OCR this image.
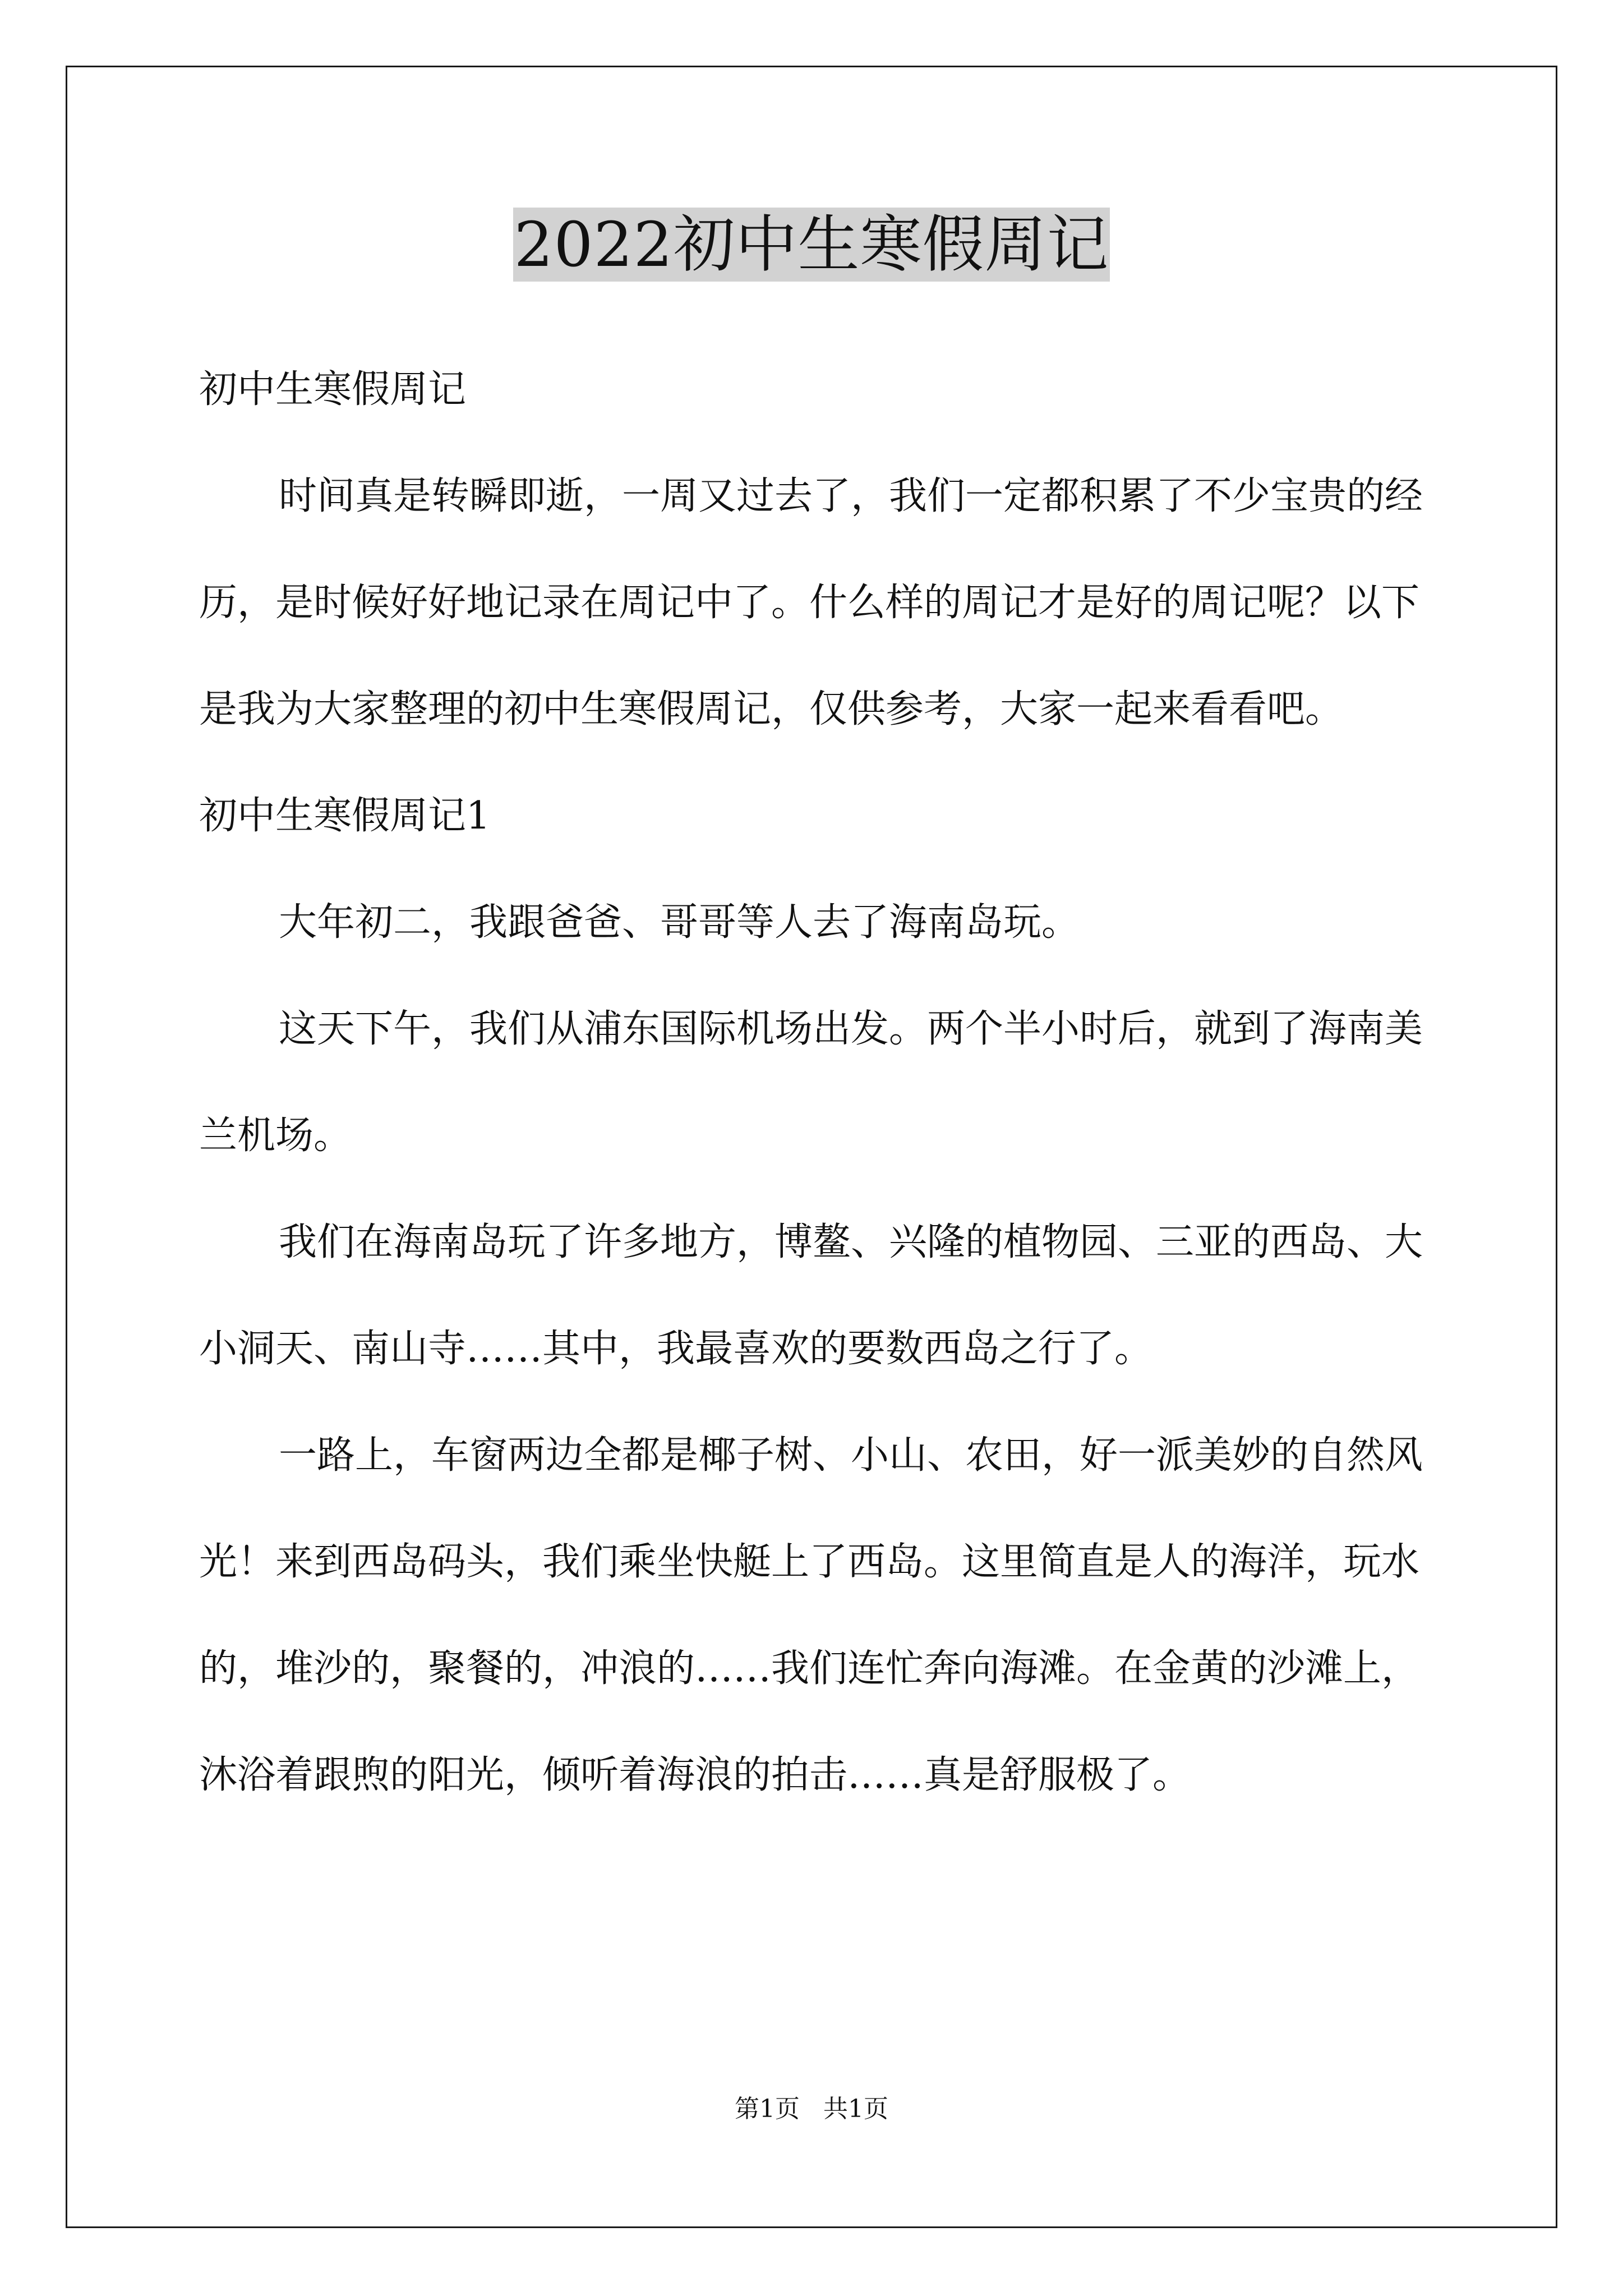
2022初中生寒假周记

初中生寒假周记

时间真是转瞬即逝，一周又过去了，我们一定都积累了不少宝贵的经历，是时候好好地记录在周记中了。什么样的周记才是好的周记呢？以下是我为大家整理的初中生寒假周记，仅供参考，大家一起来看看吧。

初中生寒假周记1

大年初二，我跟爸爸、哥哥等人去了海南岛玩。

这天下午，我们从浦东国际机场出发。两个半小时后，就到了海南美兰机场。

我们在海南岛玩了许多地方，博鳌、兴隆的植物园、三亚的西岛、大小洞天、南山寺……其中，我最喜欢的要数西岛之行了。

一路上，车窗两边全都是椰子树、小山、农田，好一派美妙的自然风光！来到西岛码头，我们乘坐快艇上了西岛。这里简直是人的海洋，玩水的，堆沙的，聚餐的，冲浪的……我们连忙奔向海滩。在金黄的沙滩上，沐浴着跟煦的阳光，倾听着海浪的拍击……真是舒服极了。

第1页 共1页
